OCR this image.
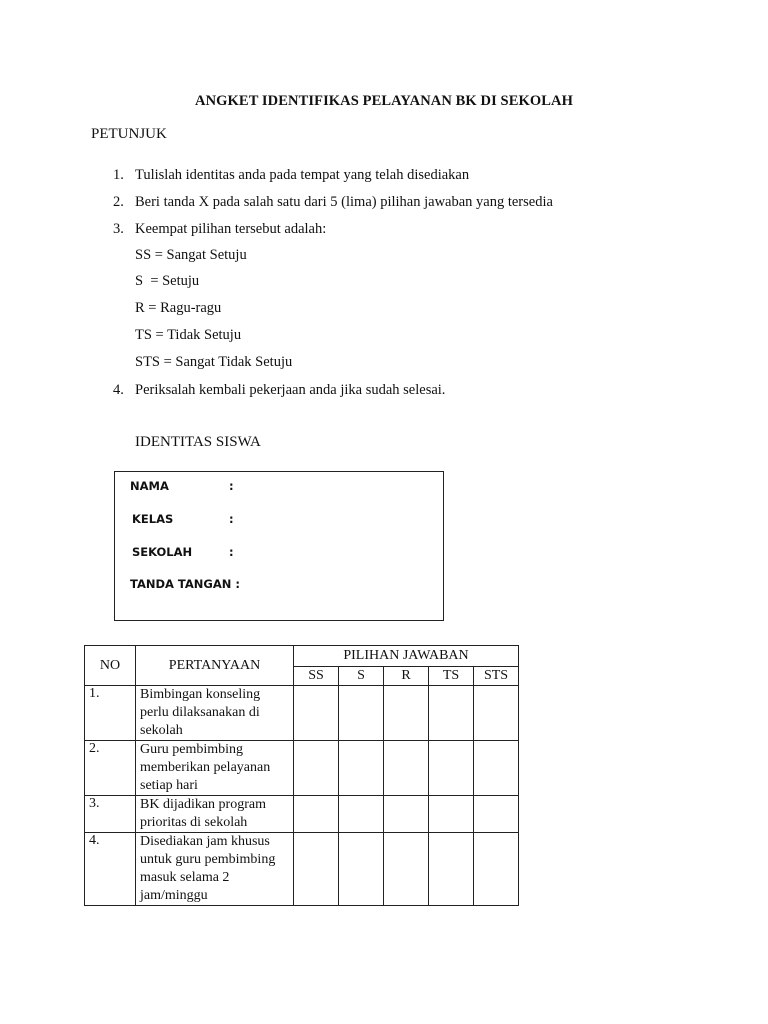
ANGKET IDENTIFIKAS PELAYANAN BK DI SEKOLAH
PETUNJUK
1. Tulislah identitas anda pada tempat yang telah disediakan
2. Beri tanda X pada salah satu dari 5 (lima) pilihan jawaban yang tersedia
3. Keempat pilihan tersebut adalah:
SS = Sangat Setuju
S  = Setuju
R = Ragu-ragu
TS = Tidak Setuju
STS = Sangat Tidak Setuju
4. Periksalah kembali pekerjaan anda jika sudah selesai.
IDENTITAS SISWA
NAMA	:
KELAS	:
SEKOLAH	:
TANDA TANGAN :
NO	PERTANYAAN	PILIHAN JAWABAN				
		SS	S	R	TS	STS
1.	Bimbingan konseling perlu dilaksanakan di sekolah					
2.	Guru pembimbing memberikan pelayanan setiap hari					
3.	BK dijadikan program prioritas di sekolah					
4.	Disediakan jam khusus untuk guru pembimbing masuk selama 2 jam/minggu					
